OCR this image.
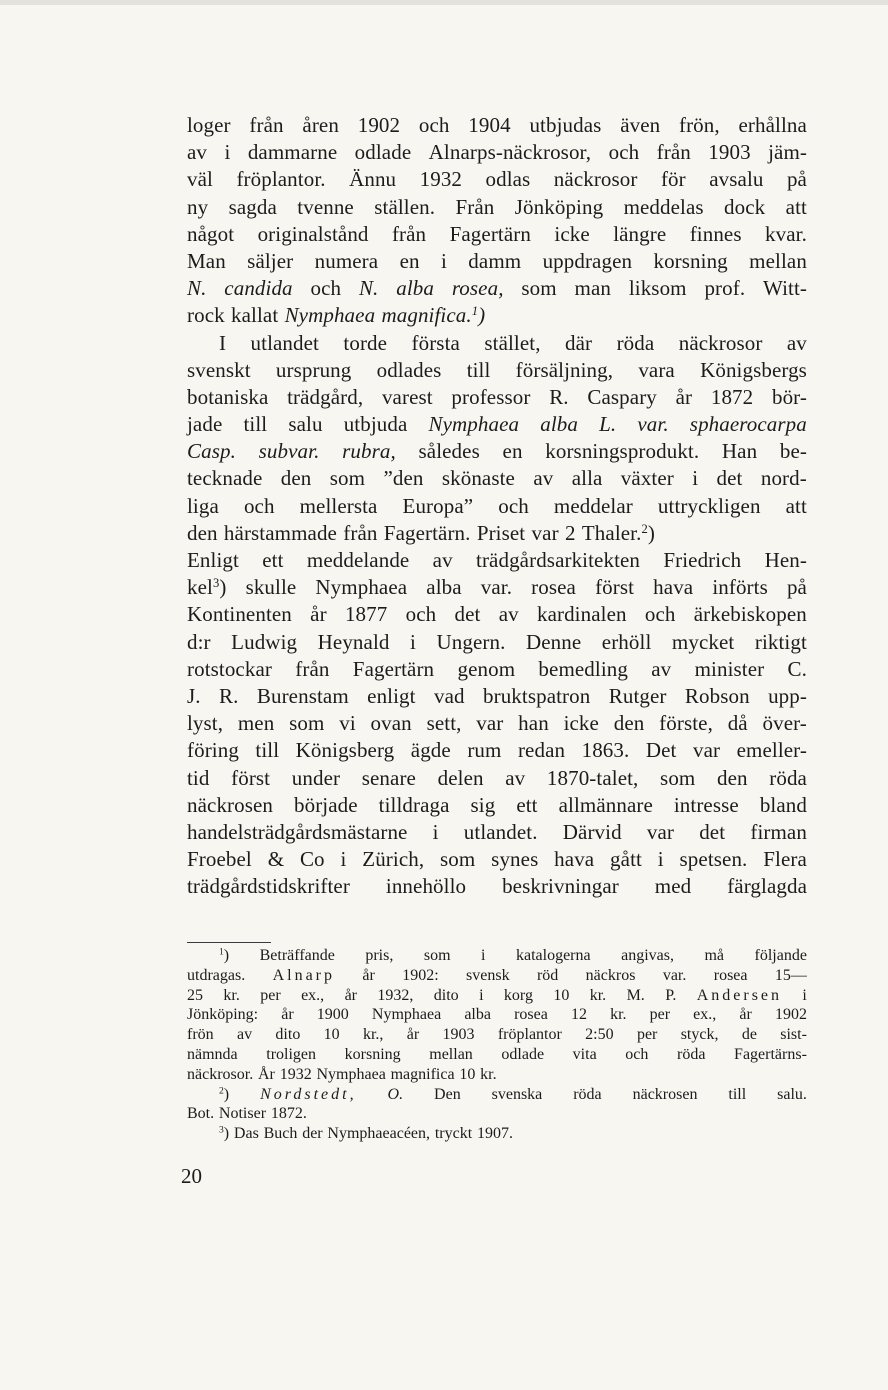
loger från åren 1902 och 1904 utbjudas även frön, erhållna
av i dammarne odlade Alnarps-näckrosor, och från 1903 jäm-
väl fröplantor. Ännu 1932 odlas näckrosor för avsalu på
ny sagda tvenne ställen. Från Jönköping meddelas dock att
något originalstånd från Fagertärn icke längre finnes kvar.
Man säljer numera en i damm uppdragen korsning mellan
N. candida och N. alba rosea, som man liksom prof. Witt-
rock kallat Nymphaea magnifica.$^1$)
I utlandet torde första stället, där röda näckrosor av
svenskt ursprung odlades till försäljning, vara Königsbergs
botaniska trädgård, varest professor R. Caspary år 1872 bör-
jade till salu utbjuda Nymphaea alba L. var. sphaerocarpa
Casp. subvar. rubra, således en korsningsprodukt. Han be-
tecknade den som ”den skönaste av alla växter i det nord-
liga och mellersta Europa” och meddelar uttryckligen att
den härstammade från Fagertärn. Priset var 2 Thaler.$^2$)
Enligt ett meddelande av trädgårdsarkitekten Friedrich Hen-
kel$^3$) skulle Nymphaea alba var. rosea först hava införts på
Kontinenten år 1877 och det av kardinalen och ärkebiskopen
d:r Ludwig Heynald i Ungern. Denne erhöll mycket riktigt
rotstockar från Fagertärn genom bemedling av minister C.
J. R. Burenstam enligt vad bruktspatron Rutger Robson upp-
lyst, men som vi ovan sett, var han icke den förste, då över-
föring till Königsberg ägde rum redan 1863. Det var emeller-
tid först under senare delen av 1870-talet, som den röda
näckrosen började tilldraga sig ett allmännare intresse bland
handelsträdgårdsmästarne i utlandet. Därvid var det firman
Froebel & Co i Zürich, som synes hava gått i spetsen. Flera
trädgårdstidskrifter innehöllo beskrivningar med färglagda
$^1$) Beträffande pris, som i katalogerna angivas, må följande
utdragas. Alnarp år 1902: svensk röd näckros var. rosea 15—
25 kr. per ex., år 1932, dito i korg 10 kr. M. P. Andersen i
Jönköping: år 1900 Nymphaea alba rosea 12 kr. per ex., år 1902
frön av dito 10 kr., år 1903 fröplantor 2:50 per styck, de sist-
nämnda troligen korsning mellan odlade vita och röda Fagertärns-
näckrosor. År 1932 Nymphaea magnifica 10 kr.
$^2$) Nordstedt, O. Den svenska röda näckrosen till salu.
Bot. Notiser 1872.
$^3$) Das Buch der Nymphaeacéen, tryckt 1907.
20
